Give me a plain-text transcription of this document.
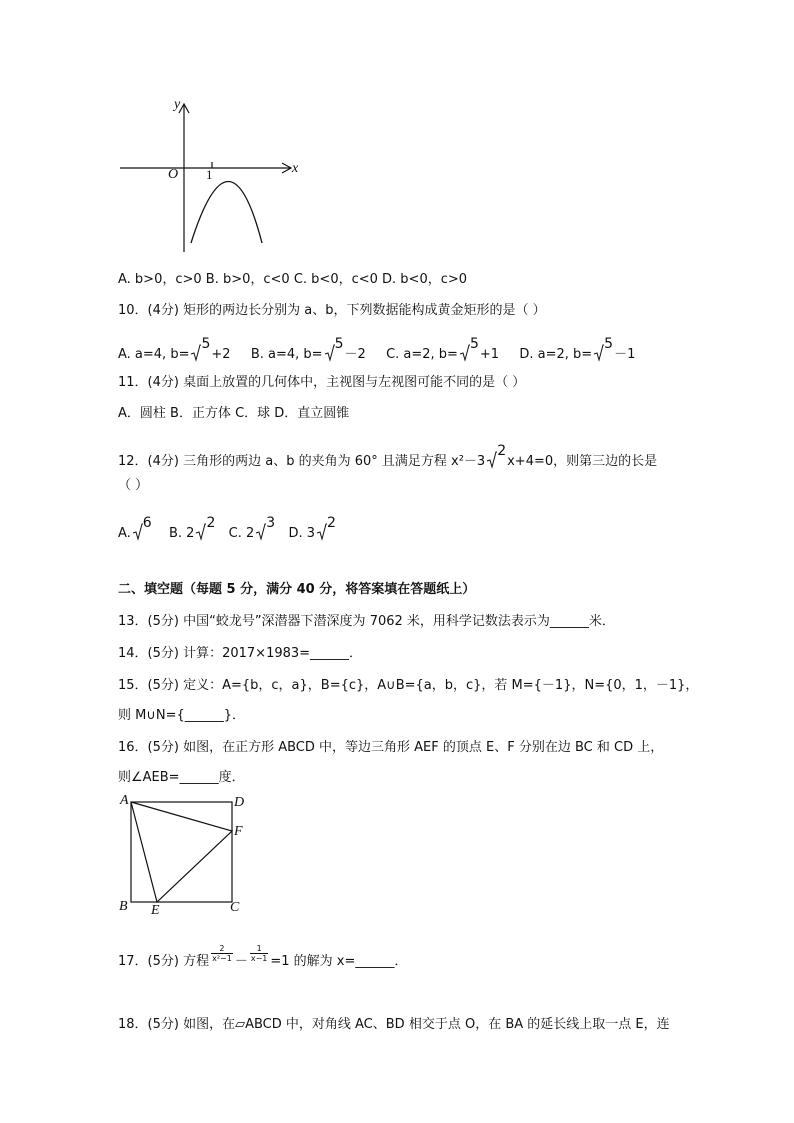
y
x
O 1
A. b>0，c>0 B. b>0，c<0 C. b<0，c<0 D. b<0，c>0
10．(4分) 矩形的两边长分别为 a、b，下列数据能构成黄金矩形的是（ ）
A. a=4, b=5+2 B. a=4, b=5－2 C. a=2, b=5+1 D. a=2, b=5－1
11．(4分) 桌面上放置的几何体中，主视图与左视图可能不同的是（ ）
A．圆柱 B．正方体 C．球 D．直立圆锥
12．(4分) 三角形的两边 a、b 的夹角为 60° 且满足方程 x²－32x+4=0，则第三边的长是
（ ）
A.6  B. 22  C. 23  D. 32
二、填空题（每题 5 分，满分 40 分，将答案填在答题纸上）
13．(5分) 中国“蛟龙号”深潜器下潜深度为 7062 米，用科学记数法表示为______米．
14．(5分) 计算：2017×1983=______．
15．(5分) 定义：A={b，c，a}，B={c}，A∪B={a，b，c}，若 M={－1}，N={0，1，－1}，
则 M∪N={______}．
16．(5分) 如图，在正方形 ABCD 中，等边三角形 AEF 的顶点 E、F 分别在边 BC 和 CD 上，
则∠AEB=______度．
A	D
F
B E	C
17．(5分) 方程 $\frac{2}{\text{x²−1}} - \frac{1}{x-1} =1$ 的解为 x=______．
18．(5分) 如图，在▱ABCD 中，对角线 AC、BD 相交于点 O，在 BA 的延长线上取一点 E，连
